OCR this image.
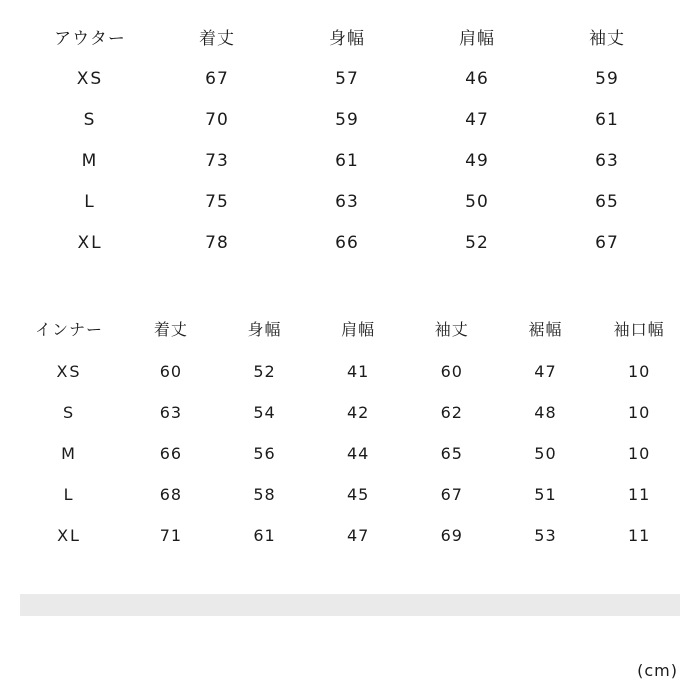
アウター	着丈	身幅	肩幅	袖丈
XS	67	57	46	59
S	70	59	47	61
M	73	61	49	63
L	75	63	50	65
XL	78	66	52	67
インナー	着丈	身幅	肩幅	袖丈	裾幅	袖口幅
XS	60	52	41	60	47	10
S	63	54	42	62	48	10
M	66	56	44	65	50	10
L	68	58	45	67	51	11
XL	71	61	47	69	53	11
(cm)
